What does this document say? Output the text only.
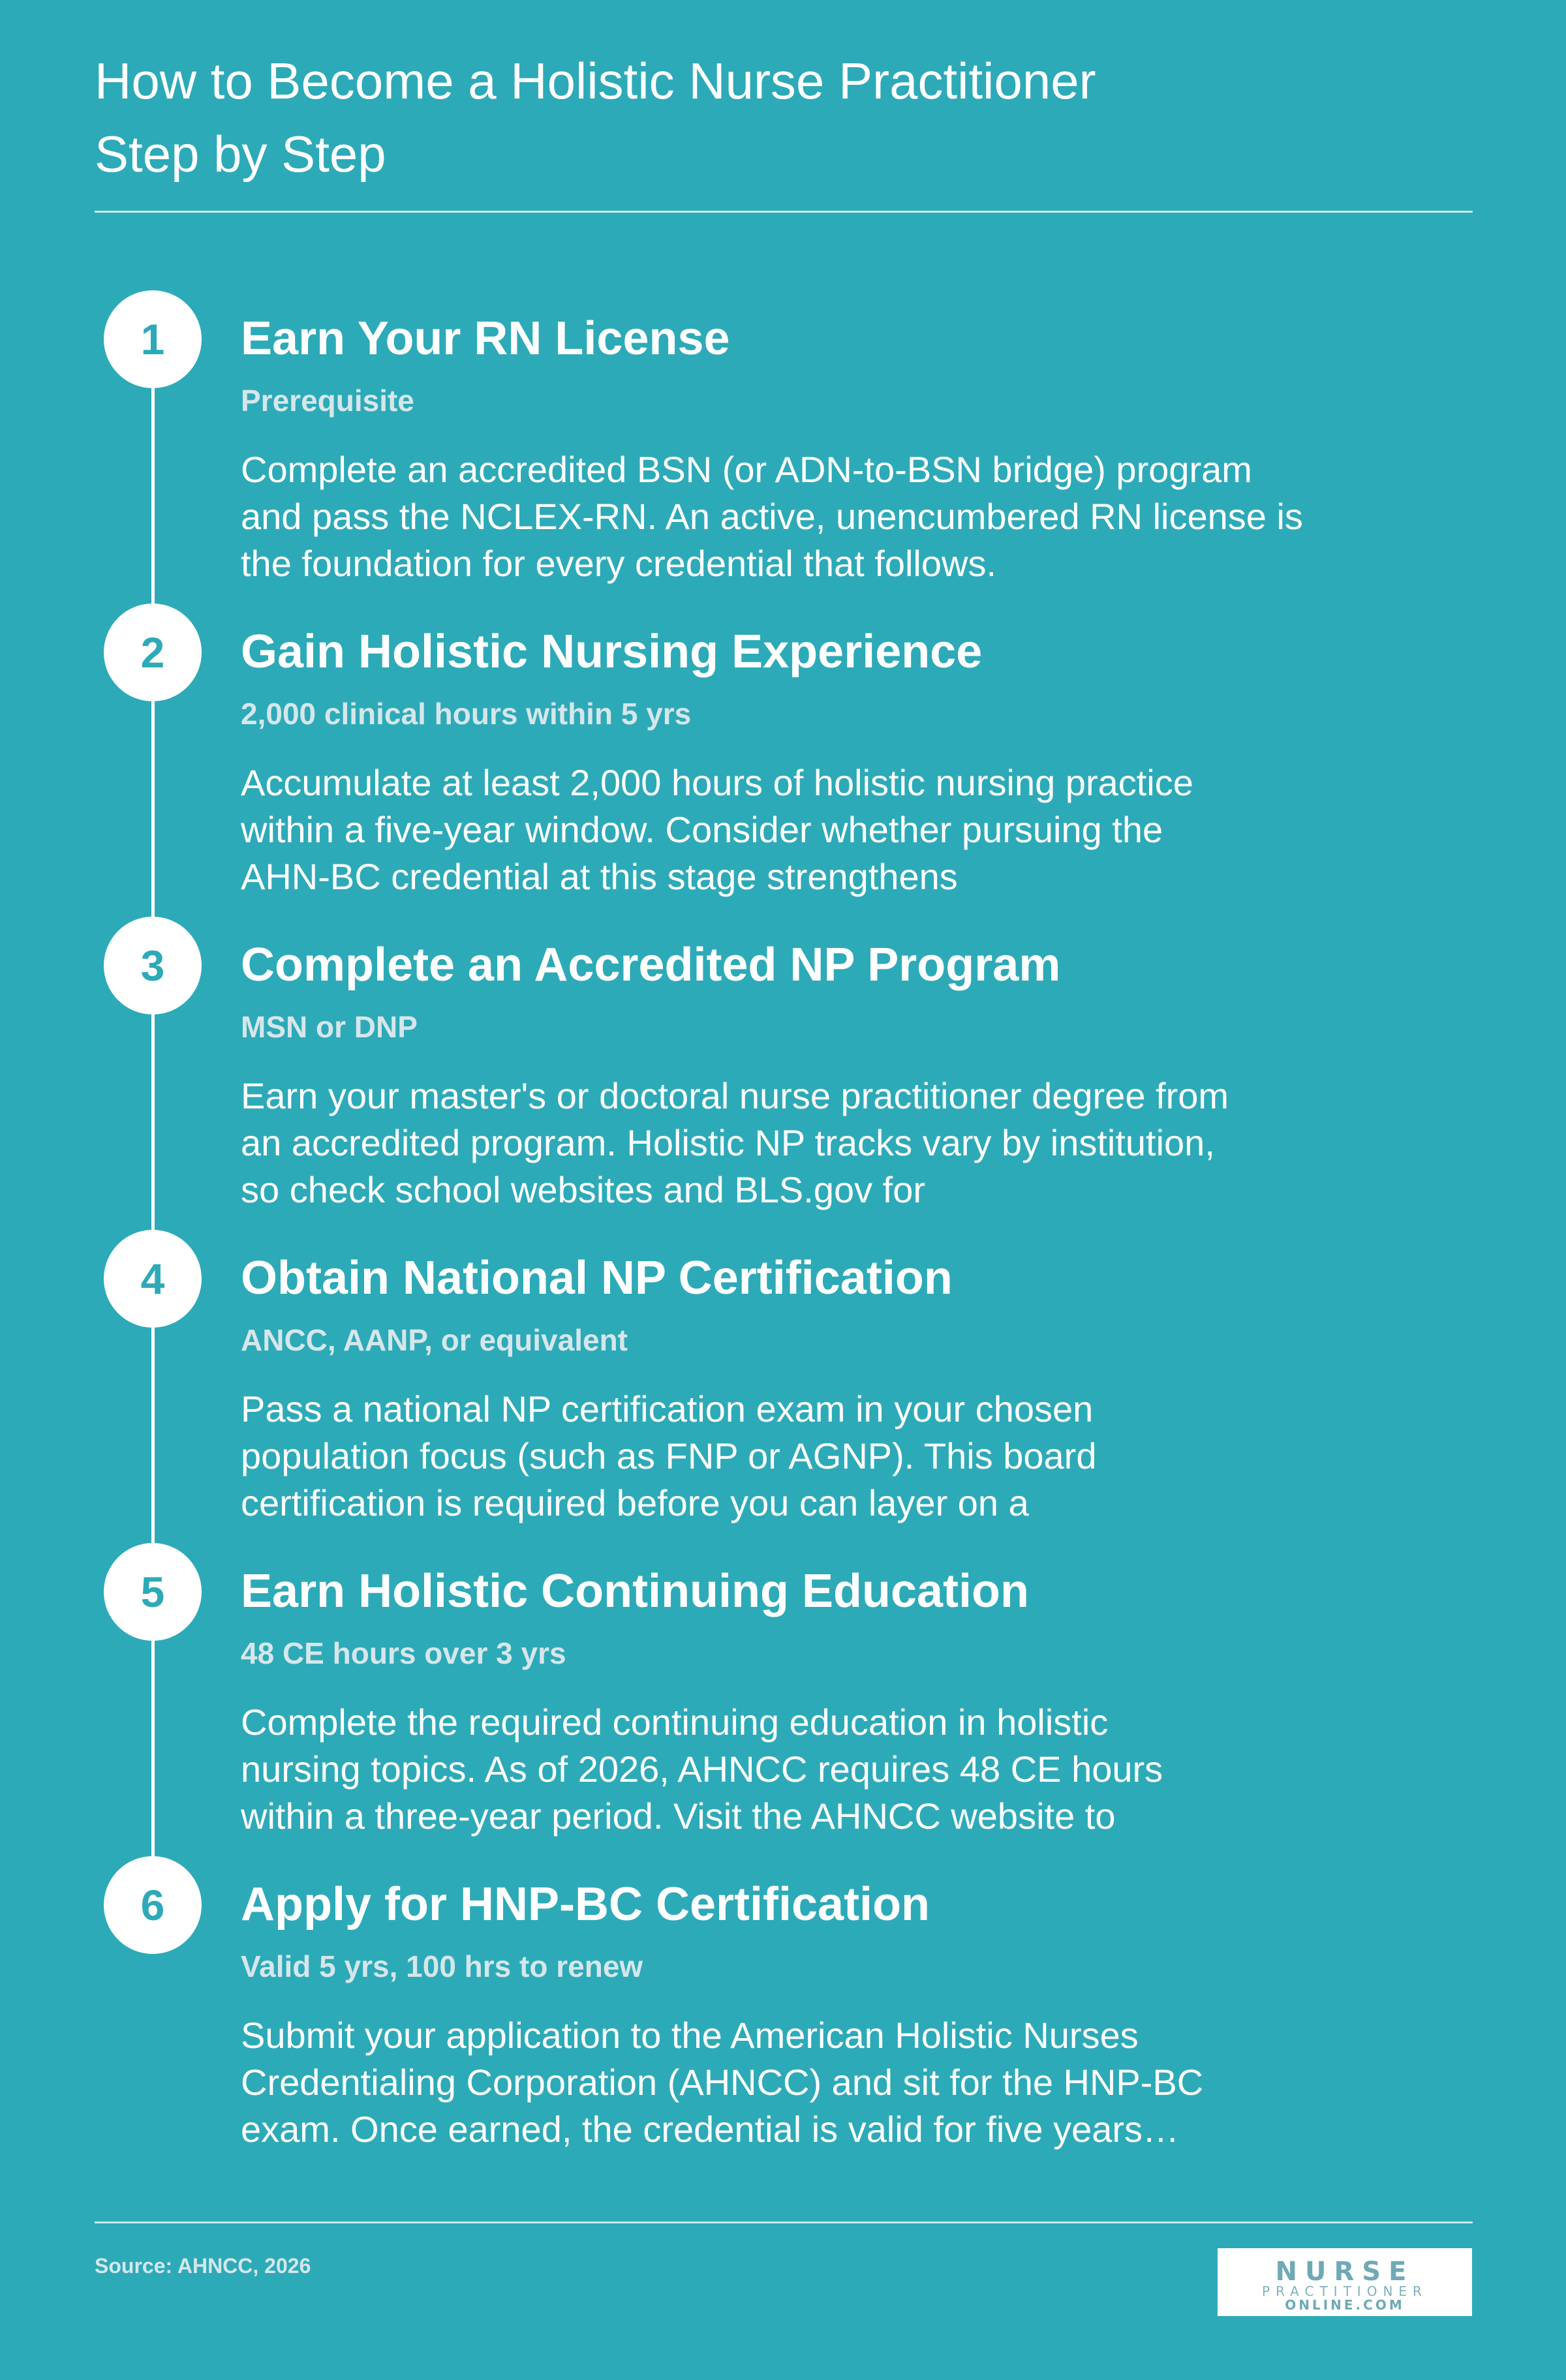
How to Become a Holistic Nurse Practitioner
Step by Step
1	Earn Your RN License
Prerequisite
Complete an accredited BSN (or ADN-to-BSN bridge) program and pass the NCLEX-RN. An active, unencumbered RN license is the foundation for every credential that follows.
2	Gain Holistic Nursing Experience
2,000 clinical hours within 5 yrs
Accumulate at least 2,000 hours of holistic nursing practice within a five-year window. Consider whether pursuing the AHN-BC credential at this stage strengthens
3	Complete an Accredited NP Program
MSN or DNP
Earn your master's or doctoral nurse practitioner degree from an accredited program. Holistic NP tracks vary by institution, so check school websites and BLS.gov for
4	Obtain National NP Certification
ANCC, AANP, or equivalent
Pass a national NP certification exam in your chosen population focus (such as FNP or AGNP). This board certification is required before you can layer on a
5	Earn Holistic Continuing Education
48 CE hours over 3 yrs
Complete the required continuing education in holistic nursing topics. As of 2026, AHNCC requires 48 CE hours within a three-year period. Visit the AHNCC website to
6	Apply for HNP-BC Certification
Valid 5 yrs, 100 hrs to renew
Submit your application to the American Holistic Nurses Credentialing Corporation (AHNCC) and sit for the HNP-BC exam. Once earned, the credential is valid for five years…
Source: AHNCC, 2026	NURSE
PRACTITIONER
ONLINE.COM
